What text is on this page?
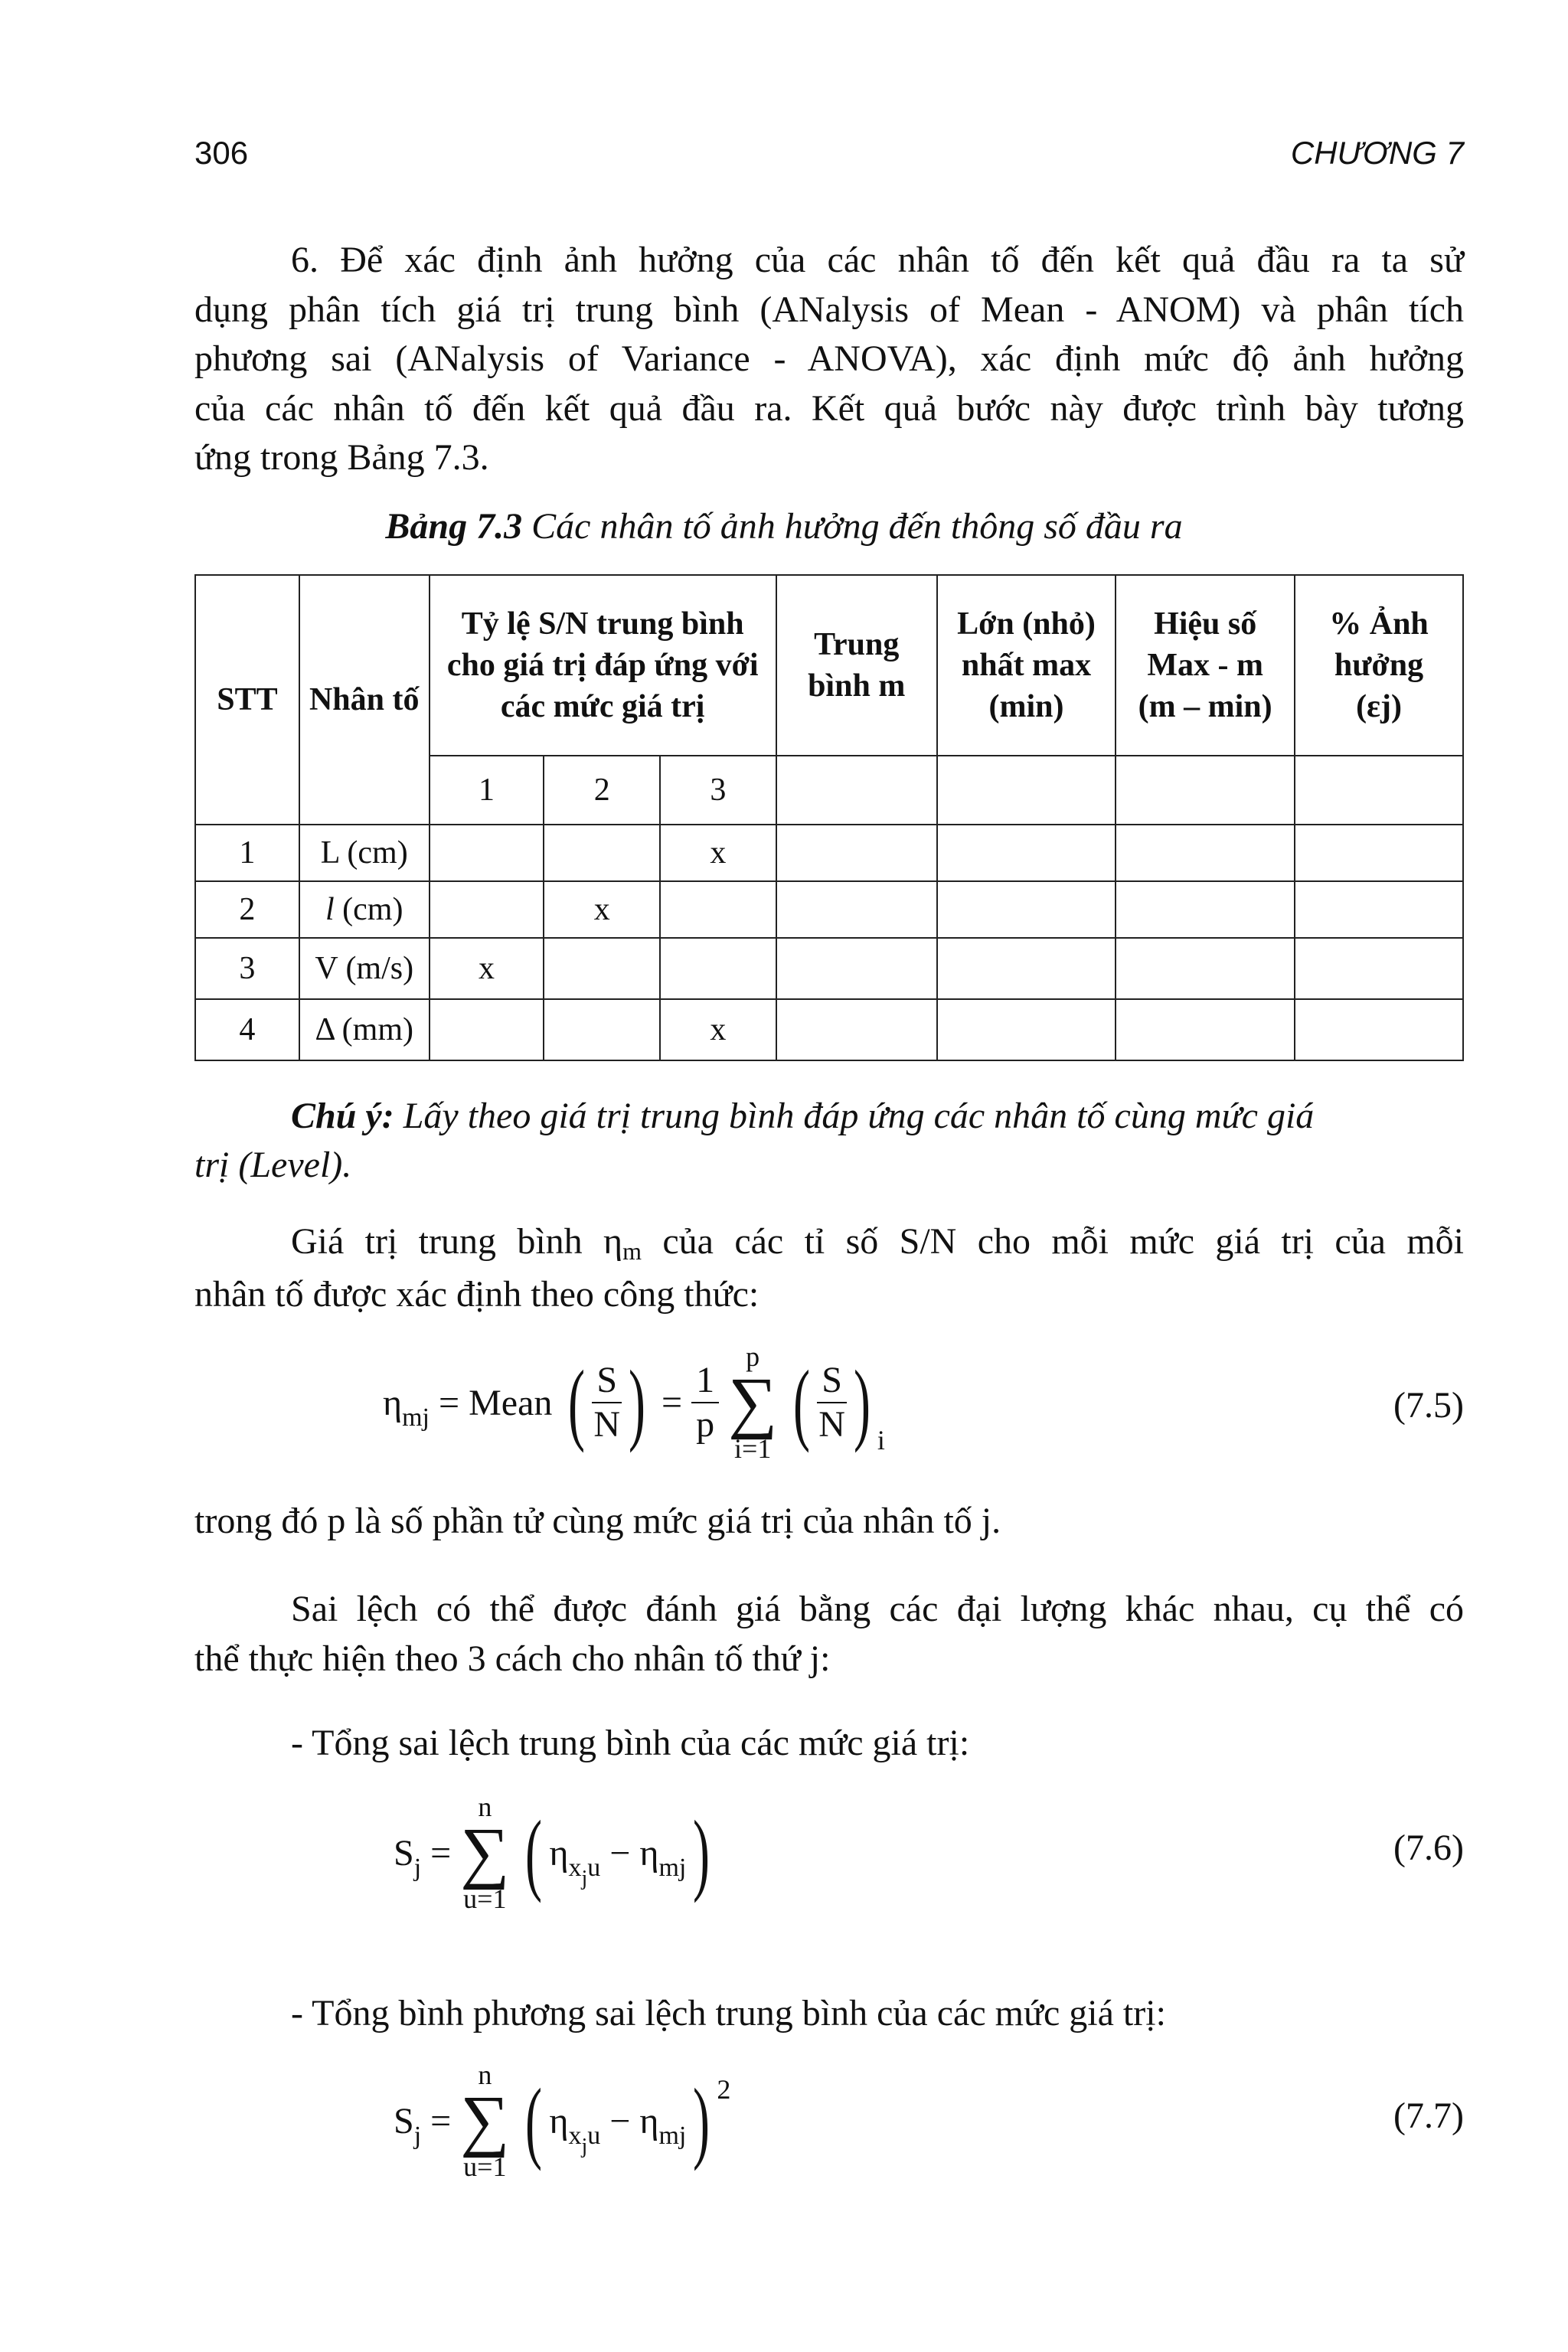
306	CHƯƠNG 7
6. Để xác định ảnh hưởng của các nhân tố đến kết quả đầu ra ta sử
dụng phân tích giá trị trung bình (ANalysis of Mean - ANOM) và phân tích
phương sai (ANalysis of Variance - ANOVA), xác định mức độ ảnh hưởng
của các nhân tố đến kết quả đầu ra. Kết quả bước này được trình bày tương
ứng trong Bảng 7.3.
Bảng 7.3 Các nhân tố ảnh hưởng đến thông số đầu ra
STT	Nhân tố	Tỷ lệ S/N trung bình cho giá trị đáp ứng với các mức giá trị			Trung bình m	Lớn (nhỏ) nhất max (min)	Hiệu số Max - m (m – min)	% Ảnh hưởng (εj)
		1	2	3				
1	L (cm)			x				
2	l (cm)		x					
3	V (m/s)	x						
4	Δ (mm)			x				
Chú ý: Lấy theo giá trị trung bình đáp ứng các nhân tố cùng mức giá
trị (Level).
Giá trị trung bình ηm của các tỉ số S/N cho mỗi mức giá trị của mỗi
nhân tố được xác định theo công thức:
$\eta_{mj}$ = Mean ( $\frac{S}{N}$ ) = $\frac{1}{p}$

p
∑
i=1 ( $\frac{S}{N}$ ) $_i$
(7.5)
trong đó p là số phần tử cùng mức giá trị của nhân tố j.
Sai lệch có thể được đánh giá bằng các đại lượng khác nhau, cụ thể có
thể thực hiện theo 3 cách cho nhân tố thứ j:
- Tổng sai lệch trung bình của các mức giá trị:
$S_j$ =
n
∑
u=1 ( $\eta_{xju} - \eta_{mj}$)	(7.6)
- Tổng bình phương sai lệch trung bình của các mức giá trị:
$S_j$ =
n
∑
u=1 ( $\eta_{xju} - \eta_{mj}$) $^2$
(7.7)
